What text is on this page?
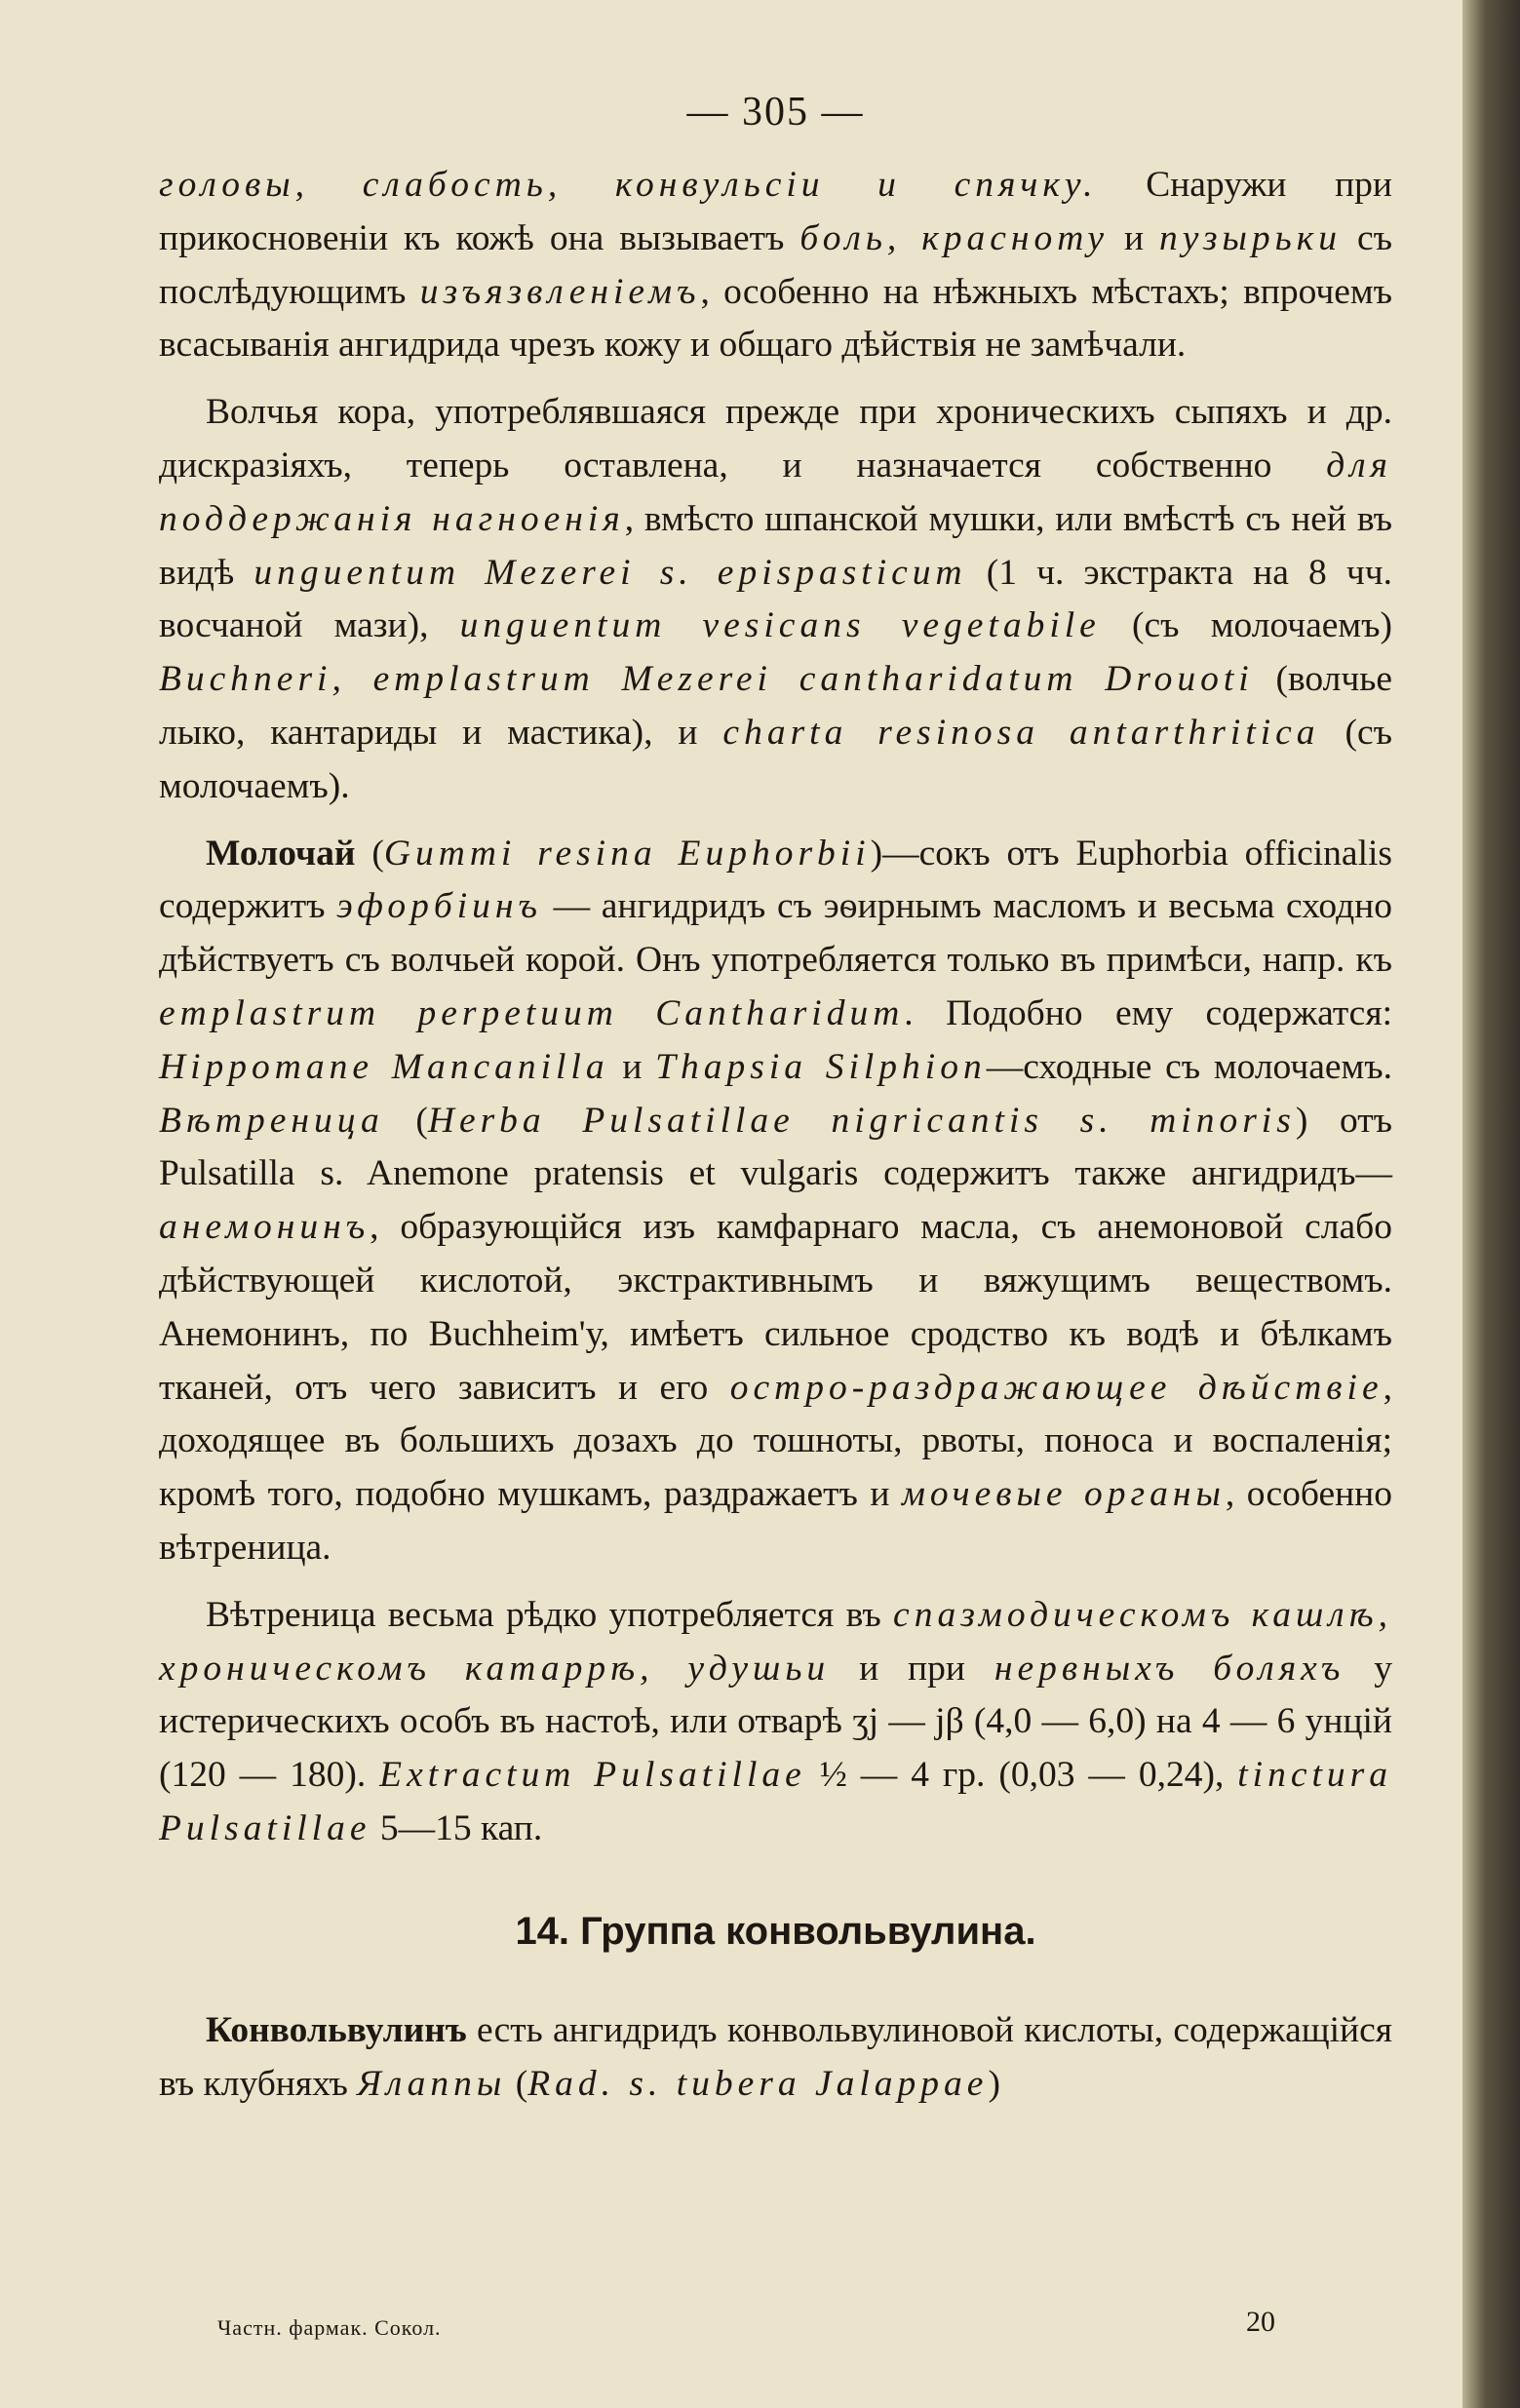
— 305 —

головы, слабость, конвульсіи и спячку. Снаружи при прикосновеніи къ кожѣ она вызываетъ боль, красноту и пузырьки съ послѣдующимъ изъязвленіемъ, особенно на нѣжныхъ мѣстахъ; впрочемъ всасыванія ангидрида чрезъ кожу и общаго дѣйствія не замѣчали.

Волчья кора, употреблявшаяся прежде при хроническихъ сыпяхъ и др. дискразіяхъ, теперь оставлена, и назначается собственно для поддержанія нагноенія, вмѣсто шпанской мушки, или вмѣстѣ съ ней въ видѣ unguentum Mezerei s. epispasticum (1 ч. экстракта на 8 чч. восчаной мази), unguentum vesicans vegetabile (съ молочаемъ) Buchneri, emplastrum Mezerei cantharidatum Drouoti (волчье лыко, кантариды и мастика), и charta resinosa antarthritica (съ молочаемъ).

Молочай (Gummi resina Euphorbii)—сокъ отъ Euphorbia officinalis содержитъ эфорбіинъ — ангидридъ съ эѳирнымъ масломъ и весьма сходно дѣйствуетъ съ волчьей корой. Онъ употребляется только въ примѣси, напр. къ emplastrum perpetuum Cantharidum. Подобно ему содержатся: Hippomane Mancanilla и Thapsia Silphion—сходные съ молочаемъ. Вѣтреница (Herba Pulsatillae nigricantis s. minoris) отъ Pulsatilla s. Anemone pratensis et vulgaris содержитъ также ангидридъ—анемонинъ, образующійся изъ камфарнаго масла, съ анемоновой слабо дѣйствующей кислотой, экстрактивнымъ и вяжущимъ веществомъ. Анемонинъ, по Buchheim'у, имѣетъ сильное сродство къ водѣ и бѣлкамъ тканей, отъ чего зависитъ и его остро-раздражающее дѣйствіе, доходящее въ большихъ дозахъ до тошноты, рвоты, поноса и воспаленія; кромѣ того, подобно мушкамъ, раздражаетъ и мочевые органы, особенно вѣтреница.

Вѣтреница весьма рѣдко употребляется въ спазмодическомъ кашлѣ, хроническомъ катаррѣ, удушьи и при нервныхъ боляхъ у истерическихъ особъ въ настоѣ, или отварѣ ʒj — jβ (4,0 — 6,0) на 4 — 6 унцій (120 — 180). Extractum Pulsatillae ½ — 4 гр. (0,03 — 0,24), tinctura Pulsatillae 5—15 кап.

14. Группа конвольвулина.

Конвольвулинъ есть ангидридъ конвольвулиновой кислоты, содержащійся въ клубняхъ Ялаппы (Rad. s. tubera Jalappae)

Частн. фармак. Сокол.	20
